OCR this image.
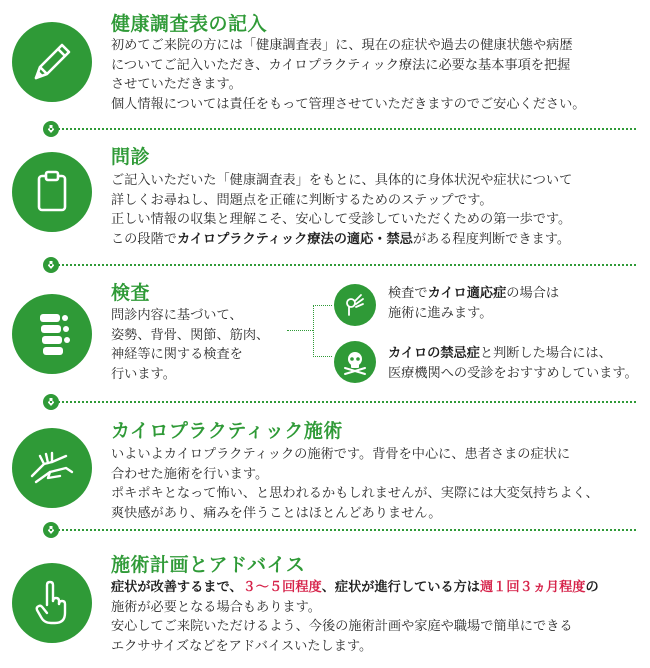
健康調査表の記入

初めてご来院の方には「健康調査表」に、現在の症状や過去の健康状態や病歴

についてご記入いただき、カイロプラクティック療法に必要な基本事項を把握

させていただきます。

個人情報については責任をもって管理させていただきますのでご安心ください。

問診

ご記入いただいた「健康調査表」をもとに、具体的に身体状況や症状について

詳しくお尋ねし、問題点を正確に判断するためのステップです。

正しい情報の収集と理解こそ、安心して受診していただくための第一歩です。

この段階でカイロプラクティック療法の適応・禁忌がある程度判断できます。

検査

問診内容に基づいて、

姿勢、背骨、関節、筋肉、

神経等に関する検査を

行います。

検査でカイロ適応症の場合は

施術に進みます。

カイロの禁忌症と判断した場合には、

医療機関への受診をおすすめしています。

カイロプラクティック施術

いよいよカイロプラクティックの施術です。背骨を中心に、患者さまの症状に

合わせた施術を行います。

ポキポキとなって怖い、と思われるかもしれませんが、実際には大変気持ちよく、

爽快感があり、痛みを伴うことはほとんどありません。

施術計画とアドバイス

症状が改善するまで、３～５回程度、症状が進行している方は週１回３ヵ月程度の

施術が必要となる場合もあります。

安心してご来院いただけるよう、今後の施術計画や家庭や職場で簡単にできる

エクササイズなどをアドバイスいたします。
